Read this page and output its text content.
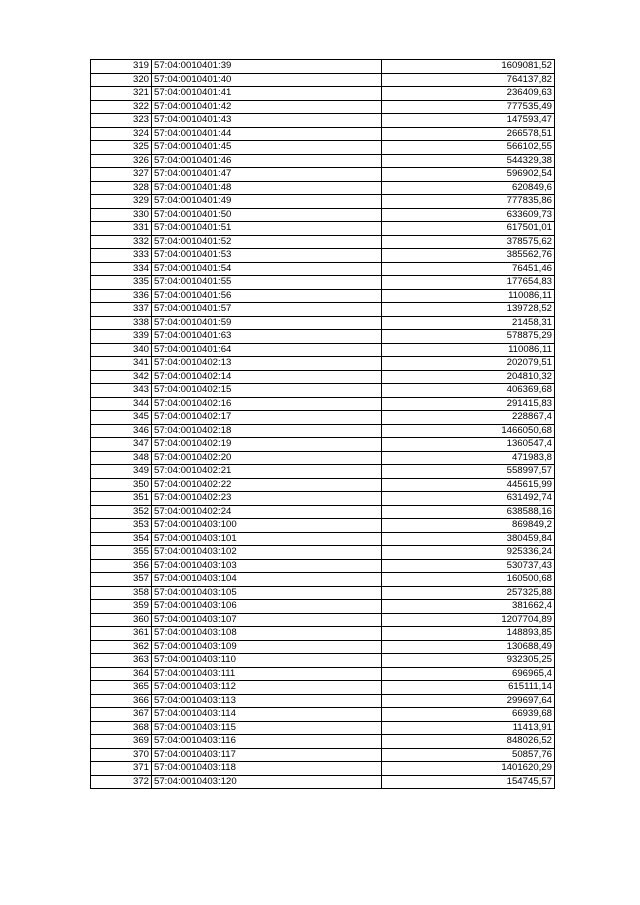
319	57:04:0010401:39	1609081,52
320	57:04:0010401:40	764137,82
321	57:04:0010401:41	236409,63
322	57:04:0010401:42	777535,49
323	57:04:0010401:43	147593,47
324	57:04:0010401:44	266578,51
325	57:04:0010401:45	566102,55
326	57:04:0010401:46	544329,38
327	57:04:0010401:47	596902,54
328	57:04:0010401:48	620849,6
329	57:04:0010401:49	777835,86
330	57:04:0010401:50	633609,73
331	57:04:0010401:51	617501,01
332	57:04:0010401:52	378575,62
333	57:04:0010401:53	385562,76
334	57:04:0010401:54	76451,46
335	57:04:0010401:55	177654,83
336	57:04:0010401:56	110086,11
337	57:04:0010401:57	139728,52
338	57:04:0010401:59	21458,31
339	57:04:0010401:63	578875,29
340	57:04:0010401:64	110086,11
341	57:04:0010402:13	202079,51
342	57:04:0010402:14	204810,32
343	57:04:0010402:15	406369,68
344	57:04:0010402:16	291415,83
345	57:04:0010402:17	228867,4
346	57:04:0010402:18	1466050,68
347	57:04:0010402:19	1360547,4
348	57:04:0010402:20	471983,8
349	57:04:0010402:21	558997,57
350	57:04:0010402:22	445615,99
351	57:04:0010402:23	631492,74
352	57:04:0010402:24	638588,16
353	57:04:0010403:100	869849,2
354	57:04:0010403:101	380459,84
355	57:04:0010403:102	925336,24
356	57:04:0010403:103	530737,43
357	57:04:0010403:104	160500,68
358	57:04:0010403:105	257325,88
359	57:04:0010403:106	381662,4
360	57:04:0010403:107	1207704,89
361	57:04:0010403:108	148893,85
362	57:04:0010403:109	130688,49
363	57:04:0010403:110	932305,25
364	57:04:0010403:111	696965,4
365	57:04:0010403:112	615111,14
366	57:04:0010403:113	299697,64
367	57:04:0010403:114	66939,68
368	57:04:0010403:115	11413,91
369	57:04:0010403:116	848026,52
370	57:04:0010403:117	50857,76
371	57:04:0010403:118	1401620,29
372	57:04:0010403:120	154745,57
